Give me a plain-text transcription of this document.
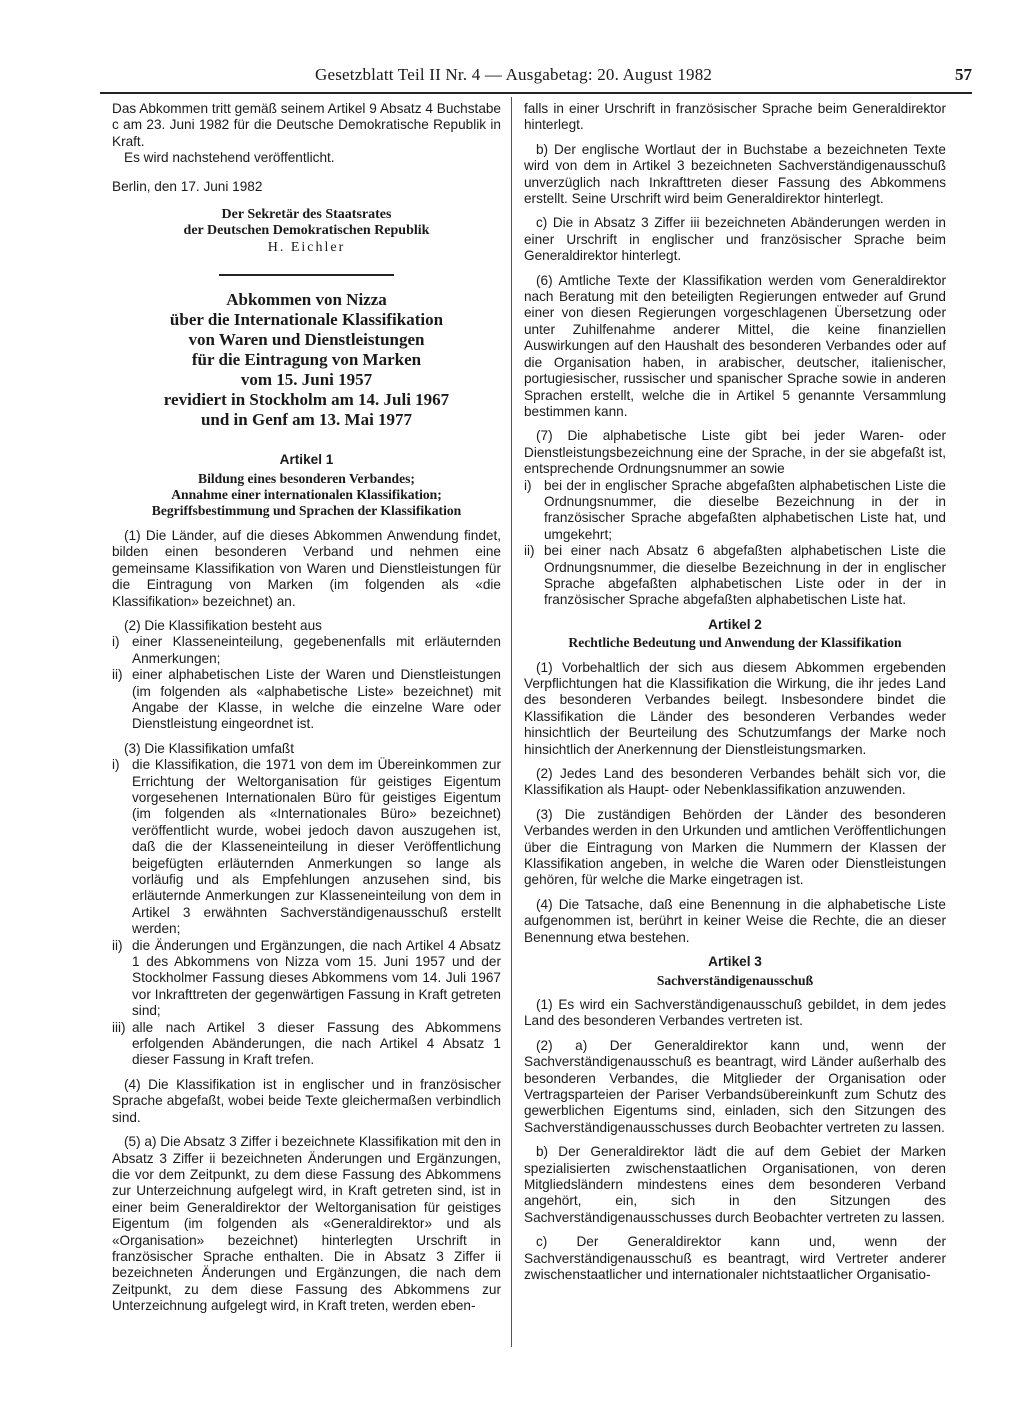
Gesetzblatt Teil II Nr. 4 — Ausgabetag: 20. August 1982	57

Das Abkommen tritt gemäß seinem Artikel 9 Absatz 4 Buchstabe c am 23. Juni 1982 für die Deutsche Demokratische Republik in Kraft.

Es wird nachstehend veröffentlicht.

Berlin, den 17. Juni 1982

Der Sekretär des Staatsrates

der Deutschen Demokratischen Republik

H. Eichler

Abkommen von Nizza
über die Internationale Klassifikation
von Waren und Dienstleistungen
für die Eintragung von Marken
vom 15. Juni 1957
revidiert in Stockholm am 14. Juli 1967
und in Genf am 13. Mai 1977
Artikel 1
Bildung eines besonderen Verbandes;
Annahme einer internationalen Klassifikation;
Begriffsbestimmung und Sprachen der Klassifikation

(1) Die Länder, auf die dieses Abkommen Anwendung findet, bilden einen besonderen Verband und nehmen eine gemeinsame Klassifikation von Waren und Dienstleistungen für die Eintragung von Marken (im folgenden als «die Klassifikation» bezeichnet) an.

(2) Die Klassifikation besteht aus

i) einer Klasseneinteilung, gegebenenfalls mit erläuternden Anmerkungen;
ii) einer alphabetischen Liste der Waren und Dienstleistungen (im folgenden als «alphabetische Liste» bezeichnet) mit Angabe der Klasse, in welche die einzelne Ware oder Dienstleistung eingeordnet ist.

(3) Die Klassifikation umfaßt

i) die Klassifikation, die 1971 von dem im Übereinkommen zur Errichtung der Weltorganisation für geistiges Eigentum vorgesehenen Internationalen Büro für geistiges Eigentum (im folgenden als «Internationales Büro» bezeichnet) veröffentlicht wurde, wobei jedoch davon auszugehen ist, daß die der Klasseneinteilung in dieser Veröffentlichung beigefügten erläuternden Anmerkungen so lange als vorläufig und als Empfehlungen anzusehen sind, bis erläuternde Anmerkungen zur Klasseneinteilung von dem in Artikel 3 erwähnten Sachverständigenausschuß erstellt werden;
ii) die Änderungen und Ergänzungen, die nach Artikel 4 Absatz 1 des Abkommens von Nizza vom 15. Juni 1957 und der Stockholmer Fassung dieses Abkommens vom 14. Juli 1967 vor Inkrafttreten der gegenwärtigen Fassung in Kraft getreten sind;
iii) alle nach Artikel 3 dieser Fassung des Abkommens erfolgenden Abänderungen, die nach Artikel 4 Absatz 1 dieser Fassung in Kraft trefen.

(4) Die Klassifikation ist in englischer und in französischer Sprache abgefaßt, wobei beide Texte gleichermaßen verbindlich sind.

(5) a) Die Absatz 3 Ziffer i bezeichnete Klassifikation mit den in Absatz 3 Ziffer ii bezeichneten Änderungen und Ergänzungen, die vor dem Zeitpunkt, zu dem diese Fassung des Abkommens zur Unterzeichnung aufgelegt wird, in Kraft getreten sind, ist in einer beim Generaldirektor der Weltorganisation für geistiges Eigentum (im folgenden als «Generaldirektor» und als «Organisation» bezeichnet) hinterlegten Urschrift in französischer Sprache enthalten. Die in Absatz 3 Ziffer ii bezeichneten Änderungen und Ergänzungen, die nach dem Zeitpunkt, zu dem diese Fassung des Abkommens zur Unterzeichnung aufgelegt wird, in Kraft treten, werden eben-

falls in einer Urschrift in französischer Sprache beim Generaldirektor hinterlegt.

b) Der englische Wortlaut der in Buchstabe a bezeichneten Texte wird von dem in Artikel 3 bezeichneten Sachverständigenausschuß unverzüglich nach Inkrafttreten dieser Fassung des Abkommens erstellt. Seine Urschrift wird beim Generaldirektor hinterlegt.

c) Die in Absatz 3 Ziffer iii bezeichneten Abänderungen werden in einer Urschrift in englischer und französischer Sprache beim Generaldirektor hinterlegt.

(6) Amtliche Texte der Klassifikation werden vom Generaldirektor nach Beratung mit den beteiligten Regierungen entweder auf Grund einer von diesen Regierungen vorgeschlagenen Übersetzung oder unter Zuhilfenahme anderer Mittel, die keine finanziellen Auswirkungen auf den Haushalt des besonderen Verbandes oder auf die Organisation haben, in arabischer, deutscher, italienischer, portugiesischer, russischer und spanischer Sprache sowie in anderen Sprachen erstellt, welche die in Artikel 5 genannte Versammlung bestimmen kann.

(7) Die alphabetische Liste gibt bei jeder Waren- oder Dienstleistungsbezeichnung eine der Sprache, in der sie abgefaßt ist, entsprechende Ordnungsnummer an sowie

i) bei der in englischer Sprache abgefaßten alphabetischen Liste die Ordnungsnummer, die dieselbe Bezeichnung in der in französischer Sprache abgefaßten alphabetischen Liste hat, und umgekehrt;
ii) bei einer nach Absatz 6 abgefaßten alphabetischen Liste die Ordnungsnummer, die dieselbe Bezeichnung in der in englischer Sprache abgefaßten alphabetischen Liste oder in der in französischer Sprache abgefaßten alphabetischen Liste hat.
Artikel 2
Rechtliche Bedeutung und Anwendung der Klassifikation

(1) Vorbehaltlich der sich aus diesem Abkommen ergebenden Verpflichtungen hat die Klassifikation die Wirkung, die ihr jedes Land des besonderen Verbandes beilegt. Insbesondere bindet die Klassifikation die Länder des besonderen Verbandes weder hinsichtlich der Beurteilung des Schutzumfangs der Marke noch hinsichtlich der Anerkennung der Dienstleistungsmarken.

(2) Jedes Land des besonderen Verbandes behält sich vor, die Klassifikation als Haupt- oder Nebenklassifikation anzuwenden.

(3) Die zuständigen Behörden der Länder des besonderen Verbandes werden in den Urkunden und amtlichen Veröffentlichungen über die Eintragung von Marken die Nummern der Klassen der Klassifikation angeben, in welche die Waren oder Dienstleistungen gehören, für welche die Marke eingetragen ist.

(4) Die Tatsache, daß eine Benennung in die alphabetische Liste aufgenommen ist, berührt in keiner Weise die Rechte, die an dieser Benennung etwa bestehen.

Artikel 3
Sachverständigenausschuß

(1) Es wird ein Sachverständigenausschuß gebildet, in dem jedes Land des besonderen Verbandes vertreten ist.

(2) a) Der Generaldirektor kann und, wenn der Sachverständigenausschuß es beantragt, wird Länder außerhalb des besonderen Verbandes, die Mitglieder der Organisation oder Vertragsparteien der Pariser Verbandsübereinkunft zum Schutz des gewerblichen Eigentums sind, einladen, sich den Sitzungen des Sachverständigenausschusses durch Beobachter vertreten zu lassen.

b) Der Generaldirektor lädt die auf dem Gebiet der Marken spezialisierten zwischenstaatlichen Organisationen, von deren Mitgliedsländern mindestens eines dem besonderen Verband angehört, ein, sich in den Sitzungen des Sachverständigenausschusses durch Beobachter vertreten zu lassen.

c) Der Generaldirektor kann und, wenn der Sachverständigenausschuß es beantragt, wird Vertreter anderer zwischenstaatlicher und internationaler nichtstaatlicher Organisatio-
